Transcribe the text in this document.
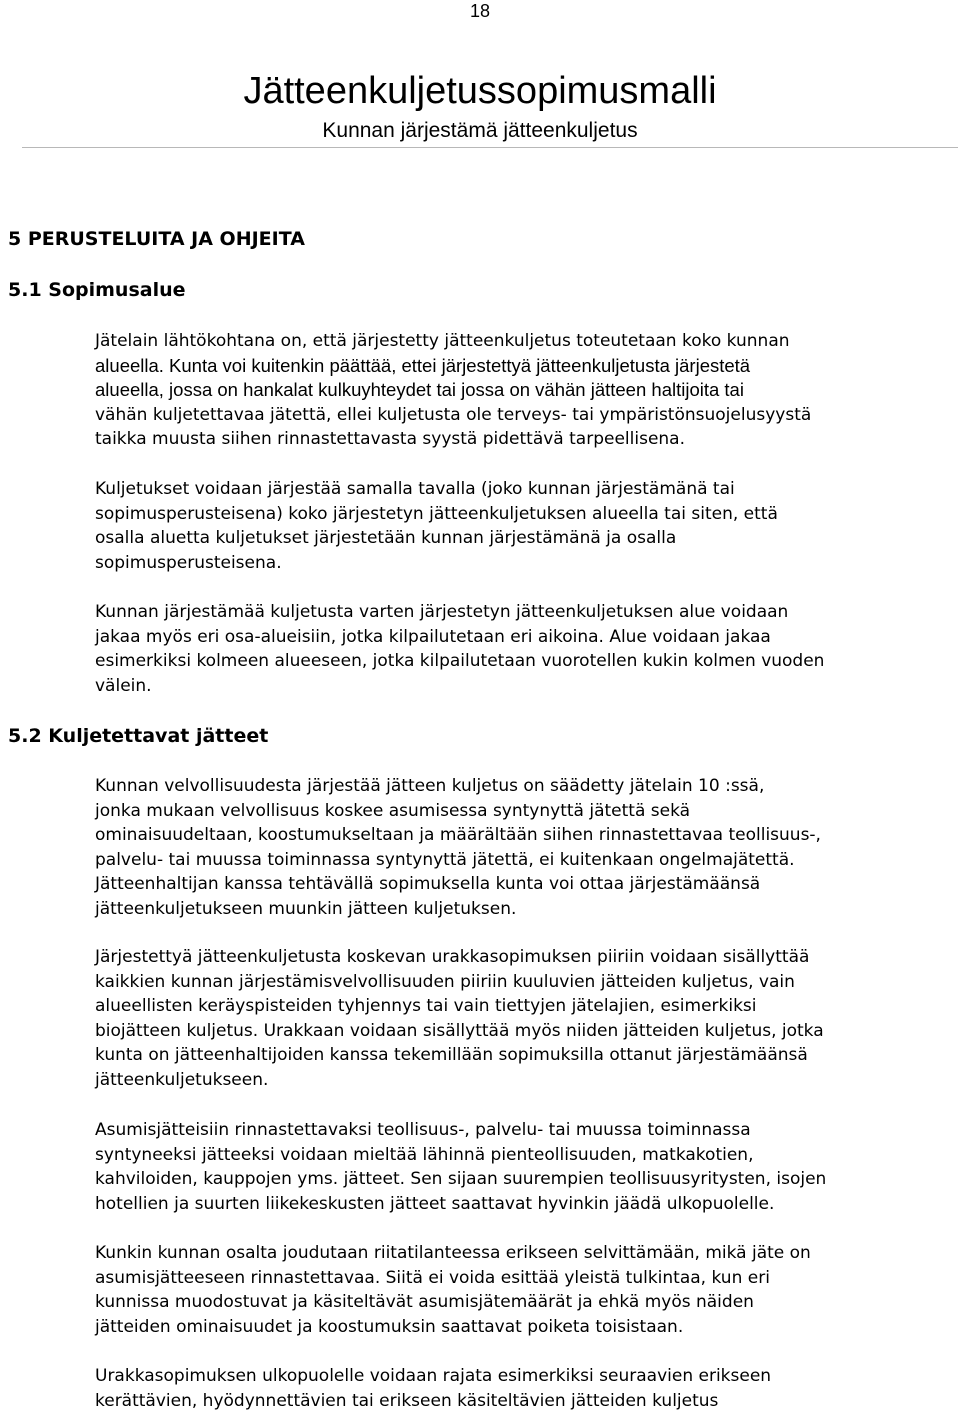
18
Jätteenkuljetussopimusmalli
Kunnan järjestämä jätteenkuljetus
5 PERUSTELUITA JA OHJEITA
5.1 Sopimusalue
Jätelain lähtökohtana on, että järjestetty jätteenkuljetus toteutetaan koko kunnan
alueella. Kunta voi kuitenkin päättää, ettei järjestettyä jätteenkuljetusta järjestetä
alueella, jossa on hankalat kulkuyhteydet tai jossa on vähän jätteen haltijoita tai
vähän kuljetettavaa jätettä, ellei kuljetusta ole terveys- tai ympäristönsuojelusyystä
taikka muusta siihen rinnastettavasta syystä pidettävä tarpeellisena.
Kuljetukset voidaan järjestää samalla tavalla (joko kunnan järjestämänä tai
sopimusperusteisena) koko järjestetyn jätteenkuljetuksen alueella tai siten, että
osalla aluetta kuljetukset järjestetään kunnan järjestämänä ja osalla
sopimusperusteisena.
Kunnan järjestämää kuljetusta varten järjestetyn jätteenkuljetuksen alue voidaan
jakaa myös eri osa-alueisiin, jotka kilpailutetaan eri aikoina. Alue voidaan jakaa
esimerkiksi kolmeen alueeseen, jotka kilpailutetaan vuorotellen kukin kolmen vuoden
välein.
5.2 Kuljetettavat jätteet
Kunnan velvollisuudesta järjestää jätteen kuljetus on säädetty jätelain 10 :ssä,
jonka mukaan velvollisuus koskee asumisessa syntynyttä jätettä sekä
ominaisuudeltaan, koostumukseltaan ja määrältään siihen rinnastettavaa teollisuus-,
palvelu- tai muussa toiminnassa syntynyttä jätettä, ei kuitenkaan ongelmajätettä.
Jätteenhaltijan kanssa tehtävällä sopimuksella kunta voi ottaa järjestämäänsä
jätteenkuljetukseen muunkin jätteen kuljetuksen.
Järjestettyä jätteenkuljetusta koskevan urakkasopimuksen piiriin voidaan sisällyttää
kaikkien kunnan järjestämisvelvollisuuden piiriin kuuluvien jätteiden kuljetus, vain
alueellisten keräyspisteiden tyhjennys tai vain tiettyjen jätelajien, esimerkiksi
biojätteen kuljetus. Urakkaan voidaan sisällyttää myös niiden jätteiden kuljetus, jotka
kunta on jätteenhaltijoiden kanssa tekemillään sopimuksilla ottanut järjestämäänsä
jätteenkuljetukseen.
Asumisjätteisiin rinnastettavaksi teollisuus-, palvelu- tai muussa toiminnassa
syntyneeksi jätteeksi voidaan mieltää lähinnä pienteollisuuden, matkakotien,
kahviloiden, kauppojen yms. jätteet. Sen sijaan suurempien teollisuusyritysten, isojen
hotellien ja suurten liikekeskusten jätteet saattavat hyvinkin jäädä ulkopuolelle.
Kunkin kunnan osalta joudutaan riitatilanteessa erikseen selvittämään, mikä jäte on
asumisjätteeseen rinnastettavaa. Siitä ei voida esittää yleistä tulkintaa, kun eri
kunnissa muodostuvat ja käsiteltävät asumisjätemäärät ja ehkä myös näiden
jätteiden ominaisuudet ja koostumuksin saattavat poiketa toisistaan.
Urakkasopimuksen ulkopuolelle voidaan rajata esimerkiksi seuraavien erikseen
kerättävien, hyödynnettävien tai erikseen käsiteltävien jätteiden kuljetus
